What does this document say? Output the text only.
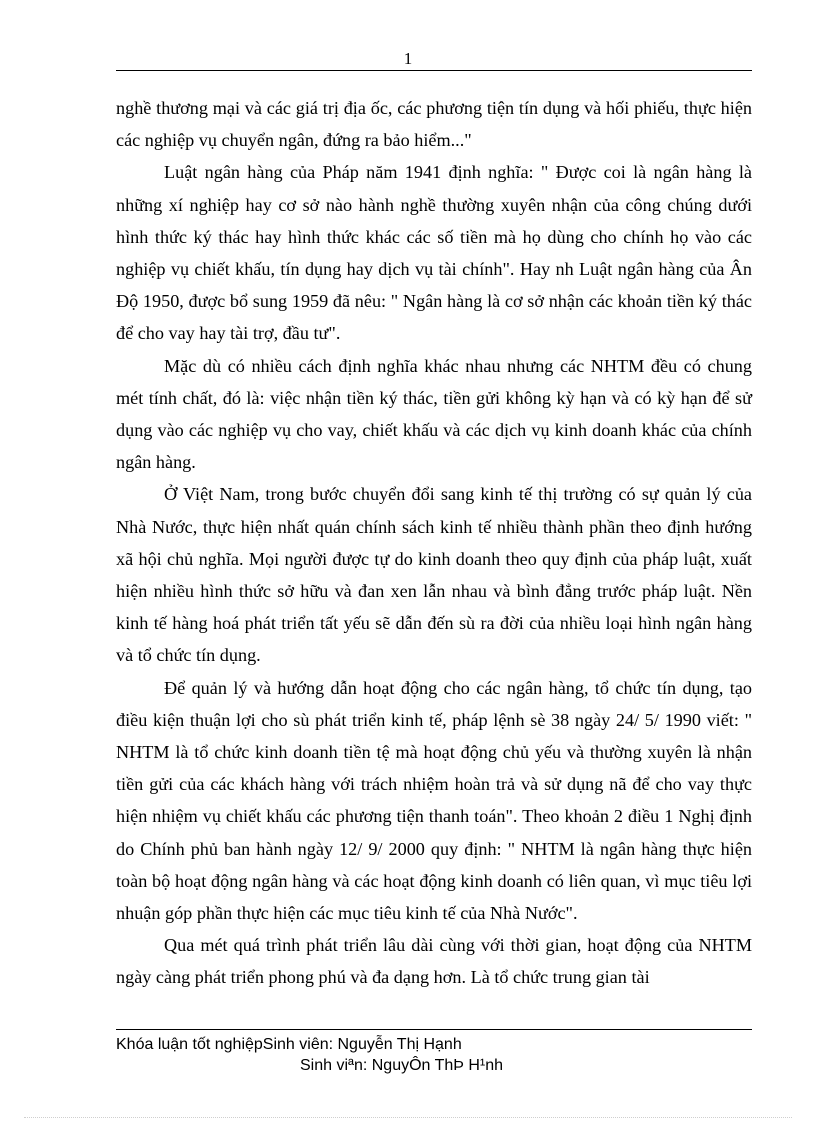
1

nghề thương mại và các giá trị địa ốc, các phương tiện tín dụng và hối phiếu, thực hiện các nghiệp vụ chuyển ngân, đứng ra bảo hiểm..."

Luật ngân hàng của Pháp năm 1941 định nghĩa: " Được coi là ngân hàng là những xí nghiệp hay cơ sở nào hành nghề thường xuyên nhận của công chúng dưới hình thức ký thác hay hình thức khác các số tiền mà họ dùng cho chính họ vào các nghiệp vụ chiết khấu, tín dụng hay dịch vụ tài chính". Hay nh Luật ngân hàng của Ân Độ 1950, được bổ sung 1959 đã nêu: " Ngân hàng là cơ sở nhận các khoản tiền ký thác để cho vay hay tài trợ, đầu tư".

Mặc dù có nhiều cách định nghĩa khác nhau nhưng các NHTM đều có chung mét tính chất, đó là: việc nhận tiền ký thác, tiền gửi không kỳ hạn và có kỳ hạn để sử dụng vào các nghiệp vụ cho vay, chiết khấu và các dịch vụ kinh doanh khác của chính ngân hàng.

Ở Việt Nam, trong bước chuyển đổi sang kinh tế thị trường có sự quản lý của Nhà Nước, thực hiện nhất quán chính sách kinh tế nhiều thành phần theo định hướng xã hội chủ nghĩa. Mọi người được tự do kinh doanh theo quy định của pháp luật, xuất hiện nhiều hình thức sở hữu và đan xen lẫn nhau và bình đẳng trước pháp luật. Nền kinh tế hàng hoá phát triển tất yếu sẽ dẫn đến sù ra đời của nhiều loại hình ngân hàng và tổ chức tín dụng.

Để quản lý và hướng dẫn hoạt động cho các ngân hàng, tổ chức tín dụng, tạo điều kiện thuận lợi cho sù phát triển kinh tế, pháp lệnh sè 38 ngày 24/ 5/ 1990 viết: " NHTM là tổ chức kinh doanh tiền tệ mà hoạt động chủ yếu và thường xuyên là nhận tiền gửi của các khách hàng với trách nhiệm hoàn trả và sử dụng nã để cho vay thực hiện nhiệm vụ chiết khấu các phương tiện thanh toán". Theo khoản 2 điều 1 Nghị định do Chính phủ ban hành ngày 12/ 9/ 2000 quy định: " NHTM là ngân hàng thực hiện toàn bộ hoạt động ngân hàng và các hoạt động kinh doanh có liên quan, vì mục tiêu lợi nhuận góp phần thực hiện các mục tiêu kinh tế của Nhà Nước".

Qua mét quá trình phát triển lâu dài cùng với thời gian, hoạt động của NHTM ngày càng phát triển phong phú và đa dạng hơn. Là tổ chức trung gian tài

Khóa luận tốt nghiệpSinh viên: Nguyễn Thị Hạnh
Sinh viªn: NguyÔn ThÞ H¹nh
